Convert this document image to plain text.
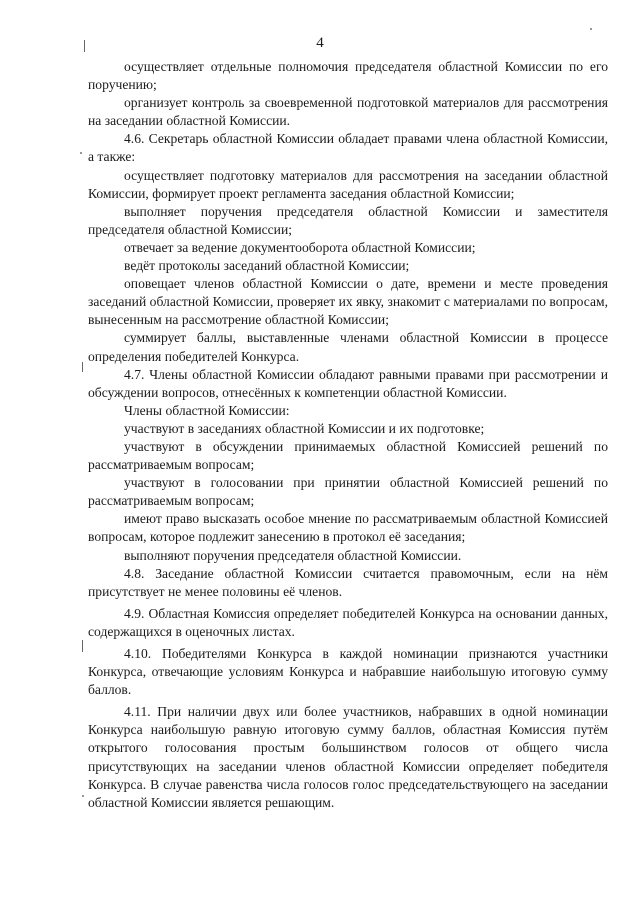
4

осуществляет отдельные полномочия председателя областной Комиссии по его поручению;

организует контроль за своевременной подготовкой материалов для рассмотрения на заседании областной Комиссии.

4.6. Секретарь областной Комиссии обладает правами члена областной Комиссии, а также:

осуществляет подготовку материалов для рассмотрения на заседании областной Комиссии, формирует проект регламента заседания областной Комиссии;

выполняет поручения председателя областной Комиссии и заместителя председателя областной Комиссии;

отвечает за ведение документооборота областной Комиссии;

ведёт протоколы заседаний областной Комиссии;

оповещает членов областной Комиссии о дате, времени и месте проведения заседаний областной Комиссии, проверяет их явку, знакомит с материалами по вопросам, вынесенным на рассмотрение областной Комиссии;

суммирует баллы, выставленные членами областной Комиссии в процессе определения победителей Конкурса.

4.7. Члены областной Комиссии обладают равными правами при рассмотрении и обсуждении вопросов, отнесённых к компетенции областной Комиссии.

Члены областной Комиссии:

участвуют в заседаниях областной Комиссии и их подготовке;

участвуют в обсуждении принимаемых областной Комиссией решений по рассматриваемым вопросам;

участвуют в голосовании при принятии областной Комиссией решений по рассматриваемым вопросам;

имеют право высказать особое мнение по рассматриваемым областной Комиссией вопросам, которое подлежит занесению в протокол её заседания;

выполняют поручения председателя областной Комиссии.

4.8. Заседание областной Комиссии считается правомочным, если на нём присутствует не менее половины её членов.

4.9. Областная Комиссия определяет победителей Конкурса на основании данных, содержащихся в оценочных листах.

4.10. Победителями Конкурса в каждой номинации признаются участники Конкурса, отвечающие условиям Конкурса и набравшие наибольшую итоговую сумму баллов.

4.11. При наличии двух или более участников, набравших в одной номинации Конкурса наибольшую равную итоговую сумму баллов, областная Комиссия путём открытого голосования простым большинством голосов от общего числа присутствующих на заседании членов областной Комиссии определяет победителя Конкурса. В случае равенства числа голосов голос председательствующего на заседании областной Комиссии является решающим.
